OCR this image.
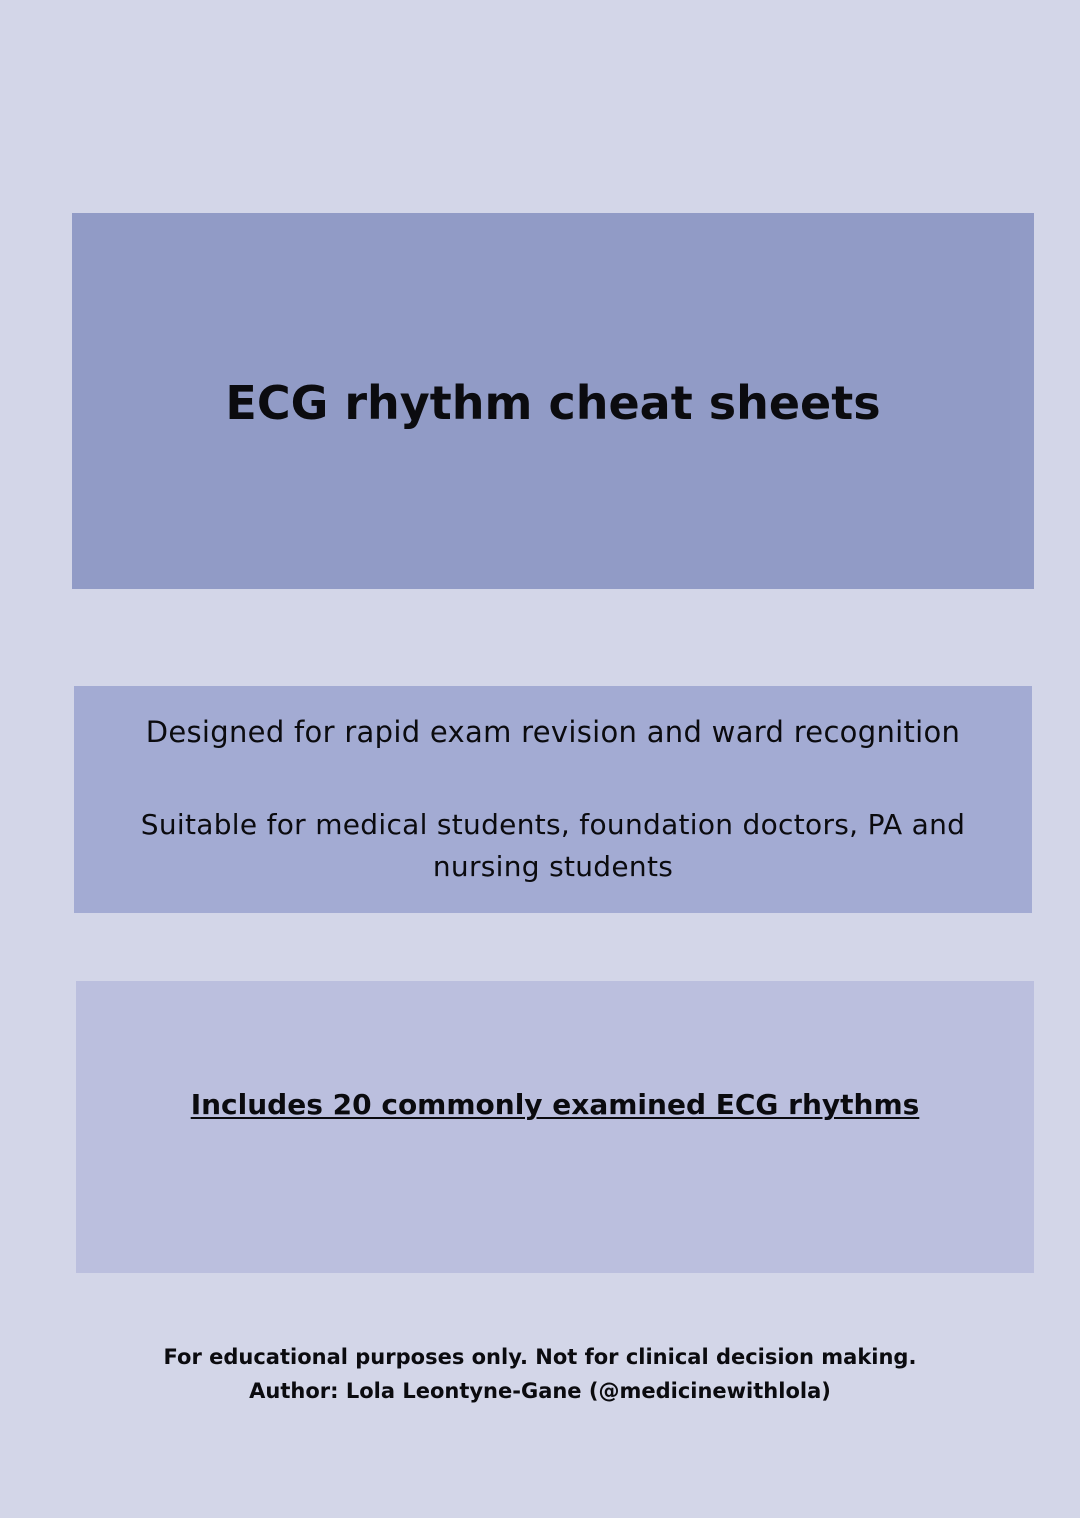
ECG rhythm cheat sheets
Designed for rapid exam revision and ward recognition
Suitable for medical students, foundation doctors, PA and nursing students
Includes 20 commonly examined ECG rhythms
For educational purposes only. Not for clinical decision making.
Author: Lola Leontyne-Gane (@medicinewithlola)
